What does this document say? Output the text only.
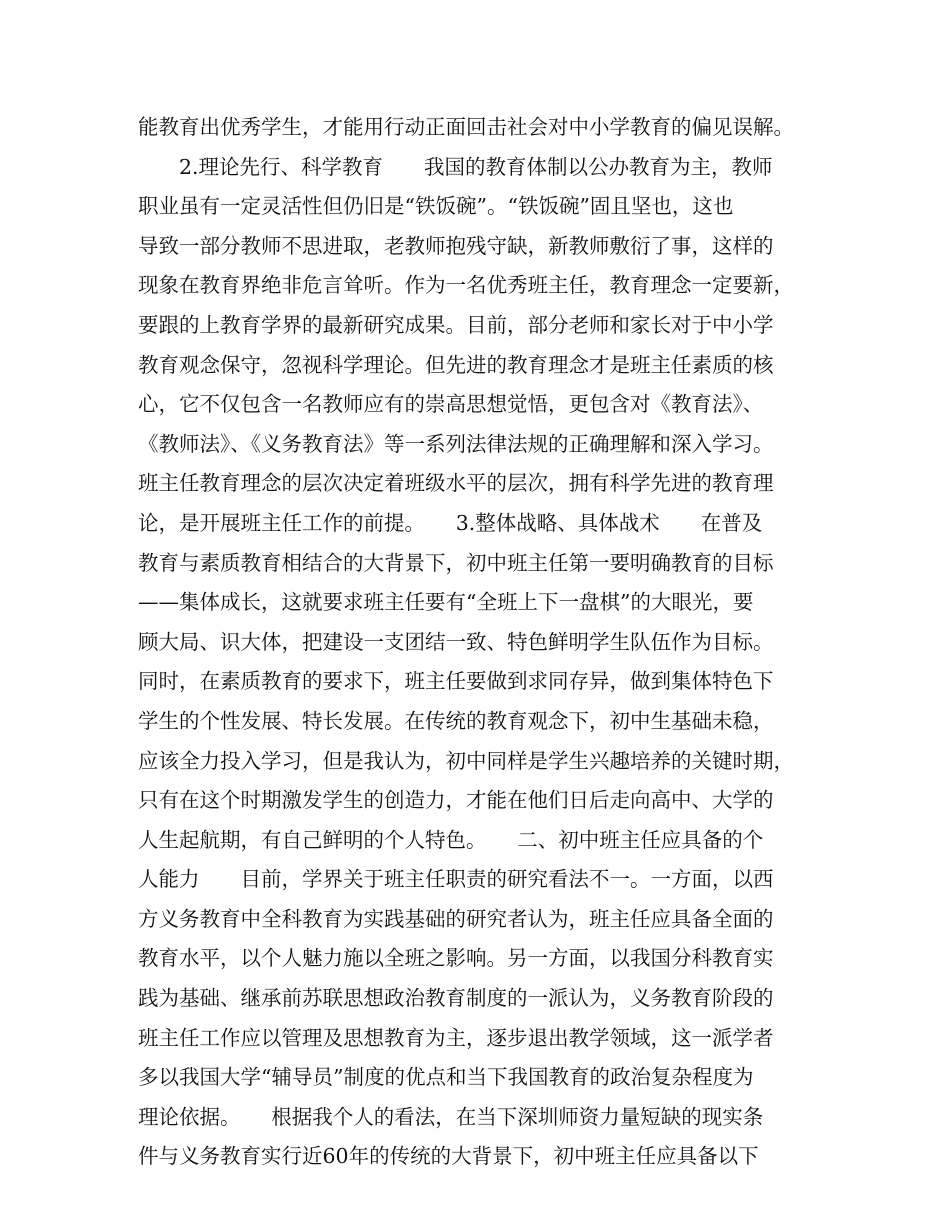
能教育出优秀学生，才能用行动正面回击社会对中小学教育的偏见误解。
　　2.理论先行、科学教育　　我国的教育体制以公办教育为主，教师
职业虽有一定灵活性但仍旧是“铁饭碗”。“铁饭碗”固且坚也，这也
导致一部分教师不思进取，老教师抱残守缺，新教师敷衍了事，这样的
现象在教育界绝非危言耸听。作为一名优秀班主任，教育理念一定要新，
要跟的上教育学界的最新研究成果。目前，部分老师和家长对于中小学
教育观念保守，忽视科学理论。但先进的教育理念才是班主任素质的核
心，它不仅包含一名教师应有的崇高思想觉悟，更包含对《教育法》、
《教师法》、《义务教育法》等一系列法律法规的正确理解和深入学习。
班主任教育理念的层次决定着班级水平的层次，拥有科学先进的教育理
论，是开展班主任工作的前提。　　3.整体战略、具体战术　　在普及
教育与素质教育相结合的大背景下，初中班主任第一要明确教育的目标
——集体成长，这就要求班主任要有“全班上下一盘棋”的大眼光，要
顾大局、识大体，把建设一支团结一致、特色鲜明学生队伍作为目标。
同时，在素质教育的要求下，班主任要做到求同存异，做到集体特色下
学生的个性发展、特长发展。在传统的教育观念下，初中生基础未稳，
应该全力投入学习，但是我认为，初中同样是学生兴趣培养的关键时期，
只有在这个时期激发学生的创造力，才能在他们日后走向高中、大学的
人生起航期，有自己鲜明的个人特色。　　二、初中班主任应具备的个
人能力　　目前，学界关于班主任职责的研究看法不一。一方面，以西
方义务教育中全科教育为实践基础的研究者认为，班主任应具备全面的
教育水平，以个人魅力施以全班之影响。另一方面，以我国分科教育实
践为基础、继承前苏联思想政治教育制度的一派认为，义务教育阶段的
班主任工作应以管理及思想教育为主，逐步退出教学领域，这一派学者
多以我国大学“辅导员”制度的优点和当下我国教育的政治复杂程度为
理论依据。　　根据我个人的看法，在当下深圳师资力量短缺的现实条
件与义务教育实行近60年的传统的大背景下，初中班主任应具备以下
